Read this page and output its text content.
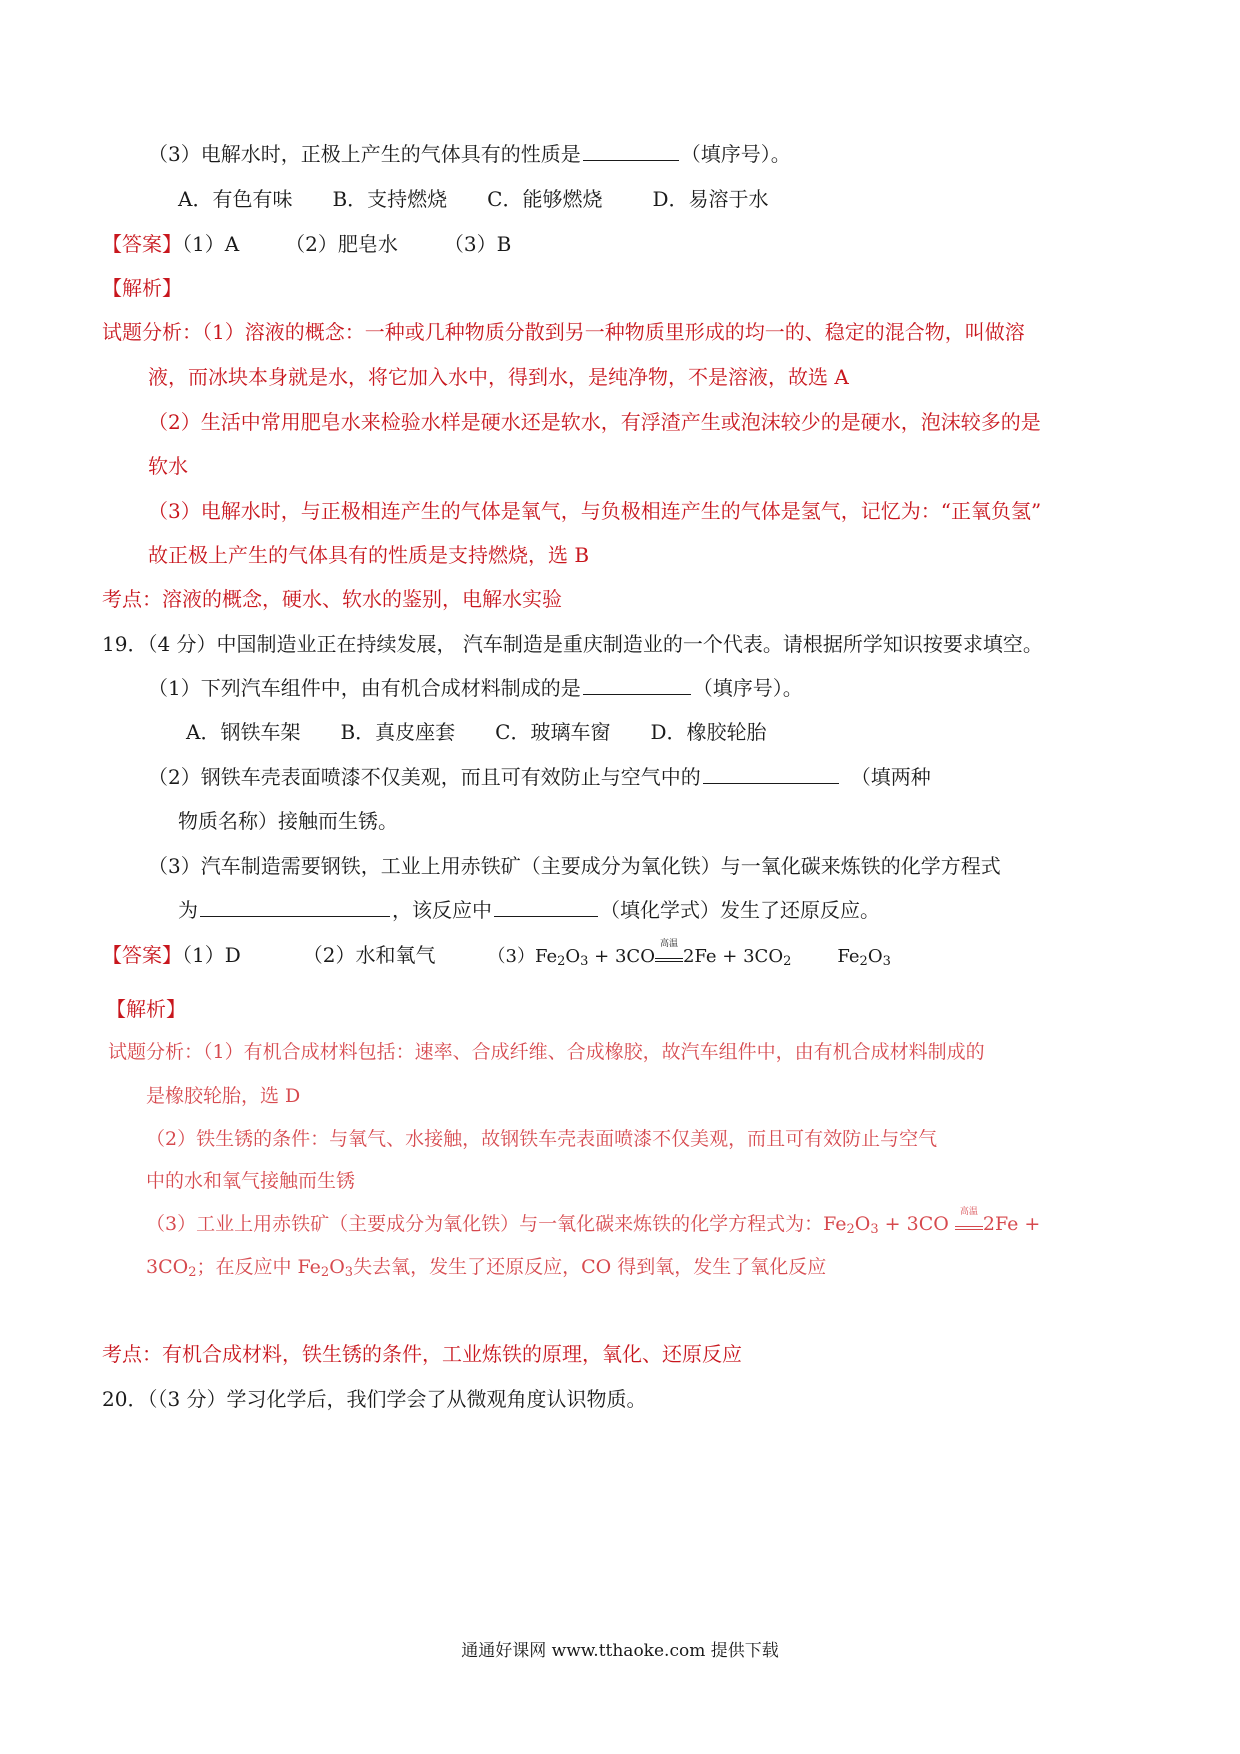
（3）电解水时，正极上产生的气体具有的性质是	（填序号）。
A．有色有味 B．支持燃烧 C．能够燃烧	D．易溶于水
【答案】（1）A （2）肥皂水 （3）B
【解析】
试题分析：（1）溶液的概念：一种或几种物质分散到另一种物质里形成的均一的、稳定的混合物，叫做溶
液，而冰块本身就是水，将它加入水中，得到水，是纯净物，不是溶液，故选 A
（2）生活中常用肥皂水来检验水样是硬水还是软水，有浮渣产生或泡沫较少的是硬水，泡沫较多的是
软水
（3）电解水时，与正极相连产生的气体是氧气，与负极相连产生的气体是氢气，记忆为：“正氧负氢”
故正极上产生的气体具有的性质是支持燃烧，选 B
考点：溶液的概念，硬水、软水的鉴别，电解水实验
19．（4 分）中国制造业正在持续发展， 汽车制造是重庆制造业的一个代表。请根据所学知识按要求填空。
（1）下列汽车组件中，由有机合成材料制成的是	（填序号）。
A．钢铁车架 B．真皮座套 C．玻璃车窗 D．橡胶轮胎
（2）钢铁车壳表面喷漆不仅美观，而且可有效防止与空气中的	（填两种
物质名称）接触而生锈。
（3）汽车制造需要钢铁，工业上用赤铁矿（主要成分为氧化铁）与一氧化碳来炼铁的化学方程式
为	，该反应中	（填化学式）发生了还原反应。
【答案】（1）D	（2）水和氧气	$(3)Fe_2O_3 + 3CO$
高温
$2Fe + 3CO_2$	$Fe_2O_3$
【解析】
试题分析：（1）有机合成材料包括：速率、合成纤维、合成橡胶，故汽车组件中，由有机合成材料制成的
是橡胶轮胎，选 D
（2）铁生锈的条件：与氧气、水接触，故钢铁车壳表面喷漆不仅美观，而且可有效防止与空气
中的水和氧气接触而生锈
（3）工业上用赤铁矿（主要成分为氧化铁）与一氧化碳来炼铁的化学方程式为：$Fe_2O_3 + 3CO$
高温
2Fe +
$3CO_2$；在反应中 $Fe_2O_3$失去氧，发生了还原反应，CO 得到氧，发生了氧化反应
考点：有机合成材料，铁生锈的条件，工业炼铁的原理，氧化、还原反应
20．（（3 分）学习化学后，我们学会了从微观角度认识物质。
通通好课网 www.tthaoke.com 提供下载
